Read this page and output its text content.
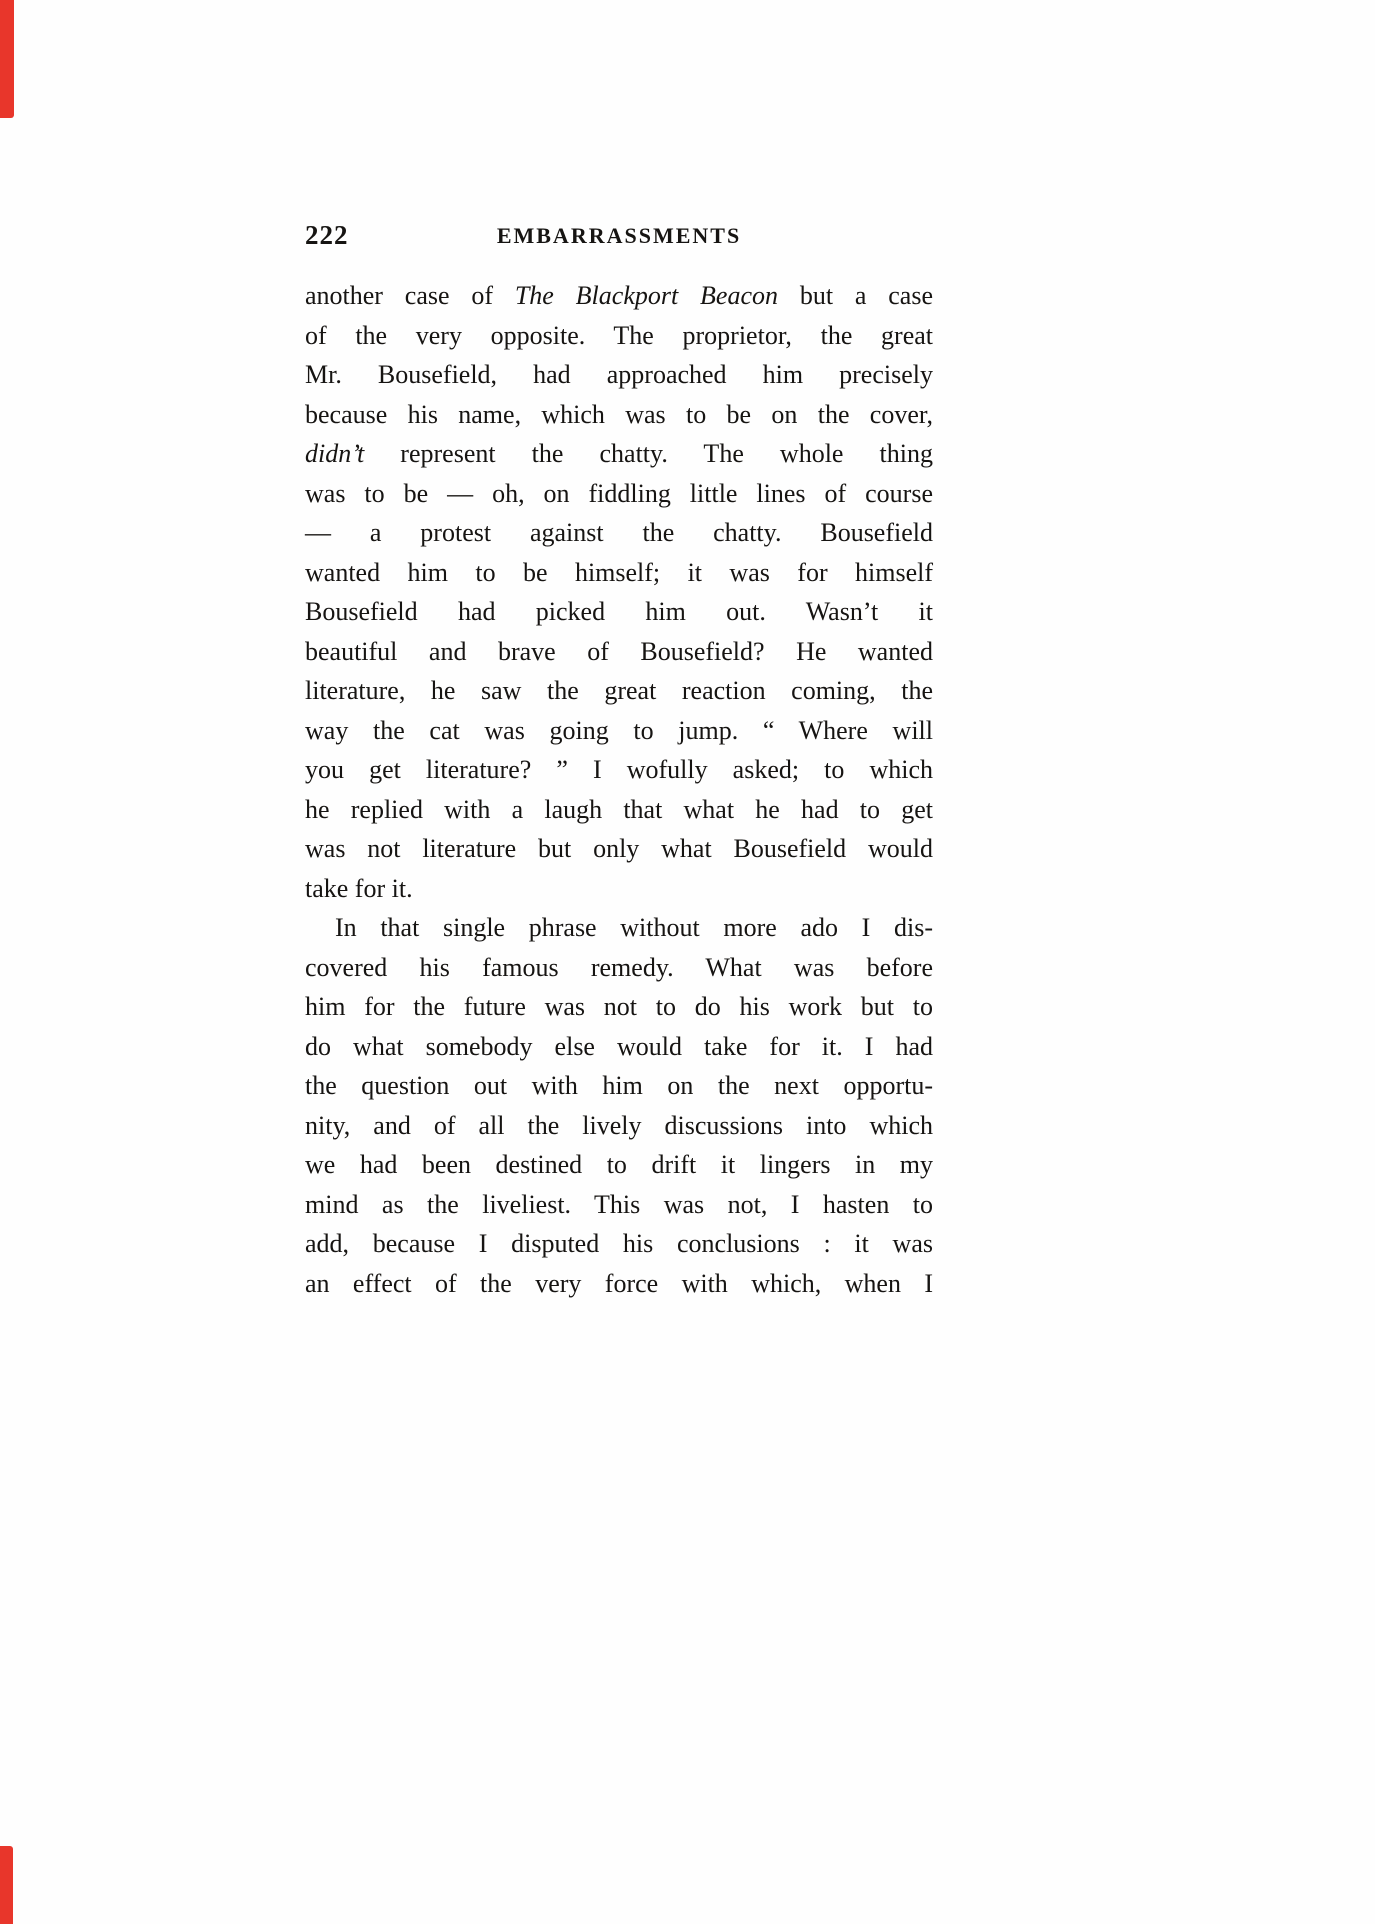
222	EMBARRASSMENTS
another case of The Blackport Beacon but a case
of the very opposite. The proprietor, the great
Mr. Bousefield, had approached him precisely
because his name, which was to be on the cover,
didn’t represent the chatty. The whole thing
was to be — oh, on fiddling little lines of course
— a protest against the chatty. Bousefield
wanted him to be himself; it was for himself
Bousefield had picked him out. Wasn’t it
beautiful and brave of Bousefield? He wanted
literature, he saw the great reaction coming, the
way the cat was going to jump. “ Where will
you get literature? ” I wofully asked; to which
he replied with a laugh that what he had to get
was not literature but only what Bousefield would
take for it.
In that single phrase without more ado I dis-
covered his famous remedy. What was before
him for the future was not to do his work but to
do what somebody else would take for it. I had
the question out with him on the next opportu-
nity, and of all the lively discussions into which
we had been destined to drift it lingers in my
mind as the liveliest. This was not, I hasten to
add, because I disputed his conclusions : it was
an effect of the very force with which, when I
